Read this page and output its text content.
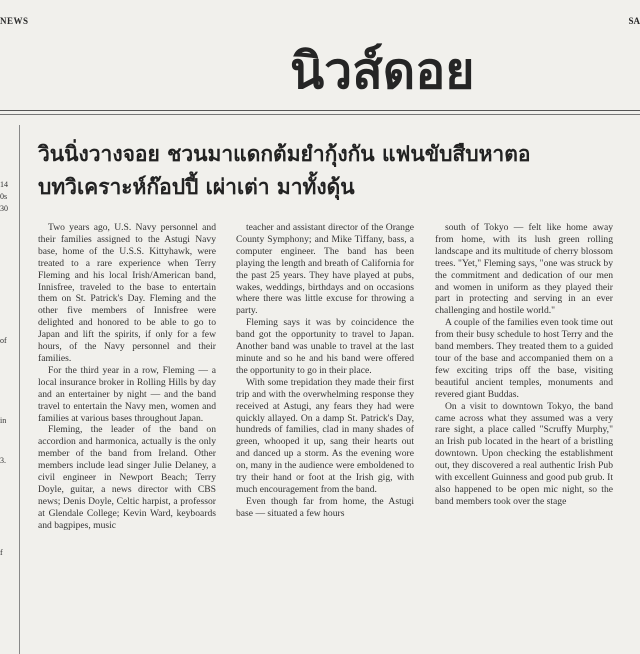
NEWS	SA
นิวส์ดอย
14
0s
30
of
in
3.
f
วินนิ่งวางจอย ชวนมาแดกต้มยำกุ้งกัน แฟนขับสืบหาตอ
บทวิเคราะห์ก๊อปปี้ เผ่าเต่า มาทั้งดุ้น

Two years ago, U.S. Navy personnel and their families assigned to the Astugi Navy base, home of the U.S.S. Kittyhawk, were treated to a rare experience when Terry Fleming and his local Irish/American band, Innisfree, traveled to the base to entertain them on St. Patrick's Day. Fleming and the other five members of Innisfree were delighted and honored to be able to go to Japan and lift the spirits, if only for a few hours, of the Navy personnel and their families.

For the third year in a row, Fleming — a local insurance broker in Rolling Hills by day and an entertainer by night — and the band travel to entertain the Navy men, women and families at various bases throughout Japan.

Fleming, the leader of the band on accordion and harmonica, actually is the only member of the band from Ireland. Other members include lead singer Julie Delaney, a civil engineer in Newport Beach; Terry Doyle, guitar, a news director with CBS news; Denis Doyle, Celtic harpist, a professor at Glendale College; Kevin Ward, keyboards and bagpipes, music

teacher and assistant director of the Orange County Symphony; and Mike Tiffany, bass, a computer engineer. The band has been playing the length and breath of California for the past 25 years. They have played at pubs, wakes, weddings, birthdays and on occasions where there was little excuse for throwing a party.

Fleming says it was by coincidence the band got the opportunity to travel to Japan. Another band was unable to travel at the last minute and so he and his band were offered the opportunity to go in their place.

With some trepidation they made their first trip and with the overwhelming response they received at Astugi, any fears they had were quickly allayed. On a damp St. Patrick's Day, hundreds of families, clad in many shades of green, whooped it up, sang their hearts out and danced up a storm. As the evening wore on, many in the audience were emboldened to try their hand or foot at the Irish gig, with much encouragement from the band.

Even though far from home, the Astugi base — situated a few hours

south of Tokyo — felt like home away from home, with its lush green rolling landscape and its multitude of cherry blossom trees. "Yet," Fleming says, "one was struck by the commitment and dedication of our men and women in uniform as they played their part in protecting and serving in an ever challenging and hostile world."

A couple of the families even took time out from their busy schedule to host Terry and the band members. They treated them to a guided tour of the base and accompanied them on a few exciting trips off the base, visiting beautiful ancient temples, monuments and revered giant Buddas.

On a visit to downtown Tokyo, the band came across what they assumed was a very rare sight, a place called "Scruffy Murphy," an Irish pub located in the heart of a bristling downtown. Upon checking the establishment out, they discovered a real authentic Irish Pub with excellent Guinness and good pub grub. It also happened to be open mic night, so the band members took over the stage
